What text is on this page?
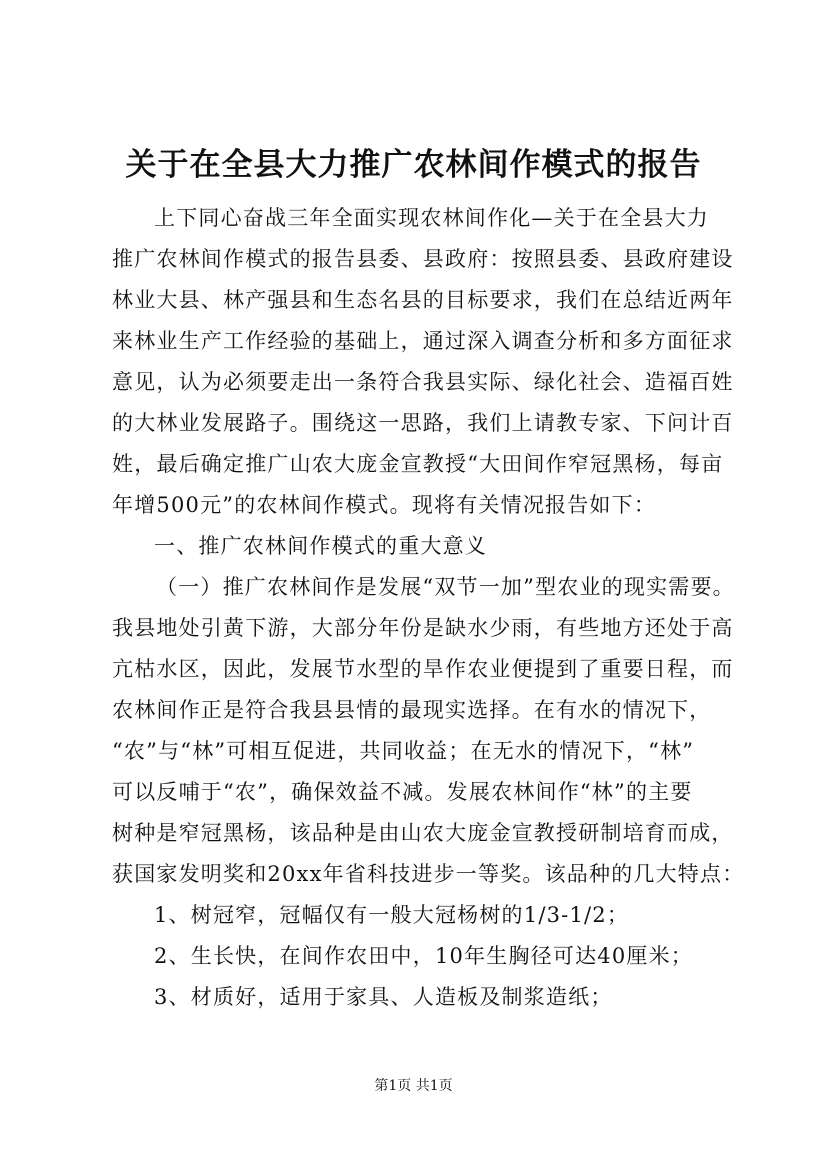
关于在全县大力推广农林间作模式的报告
上下同心奋战三年全面实现农林间作化—关于在全县大力
推广农林间作模式的报告县委、县政府：按照县委、县政府建设
林业大县、林产强县和生态名县的目标要求，我们在总结近两年
来林业生产工作经验的基础上，通过深入调查分析和多方面征求
意见，认为必须要走出一条符合我县实际、绿化社会、造福百姓
的大林业发展路子。围绕这一思路，我们上请教专家、下问计百
姓，最后确定推广山农大庞金宣教授“大田间作窄冠黑杨，每亩
年增500元”的农林间作模式。现将有关情况报告如下：
一、推广农林间作模式的重大意义
（一）推广农林间作是发展“双节一加”型农业的现实需要。
我县地处引黄下游，大部分年份是缺水少雨，有些地方还处于高
亢枯水区，因此，发展节水型的旱作农业便提到了重要日程，而
农林间作正是符合我县县情的最现实选择。在有水的情况下，
“农”与“林”可相互促进，共同收益；在无水的情况下，“林”
可以反哺于“农”，确保效益不减。发展农林间作“林”的主要
树种是窄冠黑杨，该品种是由山农大庞金宣教授研制培育而成，
获国家发明奖和20xx年省科技进步一等奖。该品种的几大特点：
1、树冠窄，冠幅仅有一般大冠杨树的1/3-1/2；
2、生长快，在间作农田中，10年生胸径可达40厘米；
3、材质好，适用于家具、人造板及制浆造纸；
第1页 共1页
